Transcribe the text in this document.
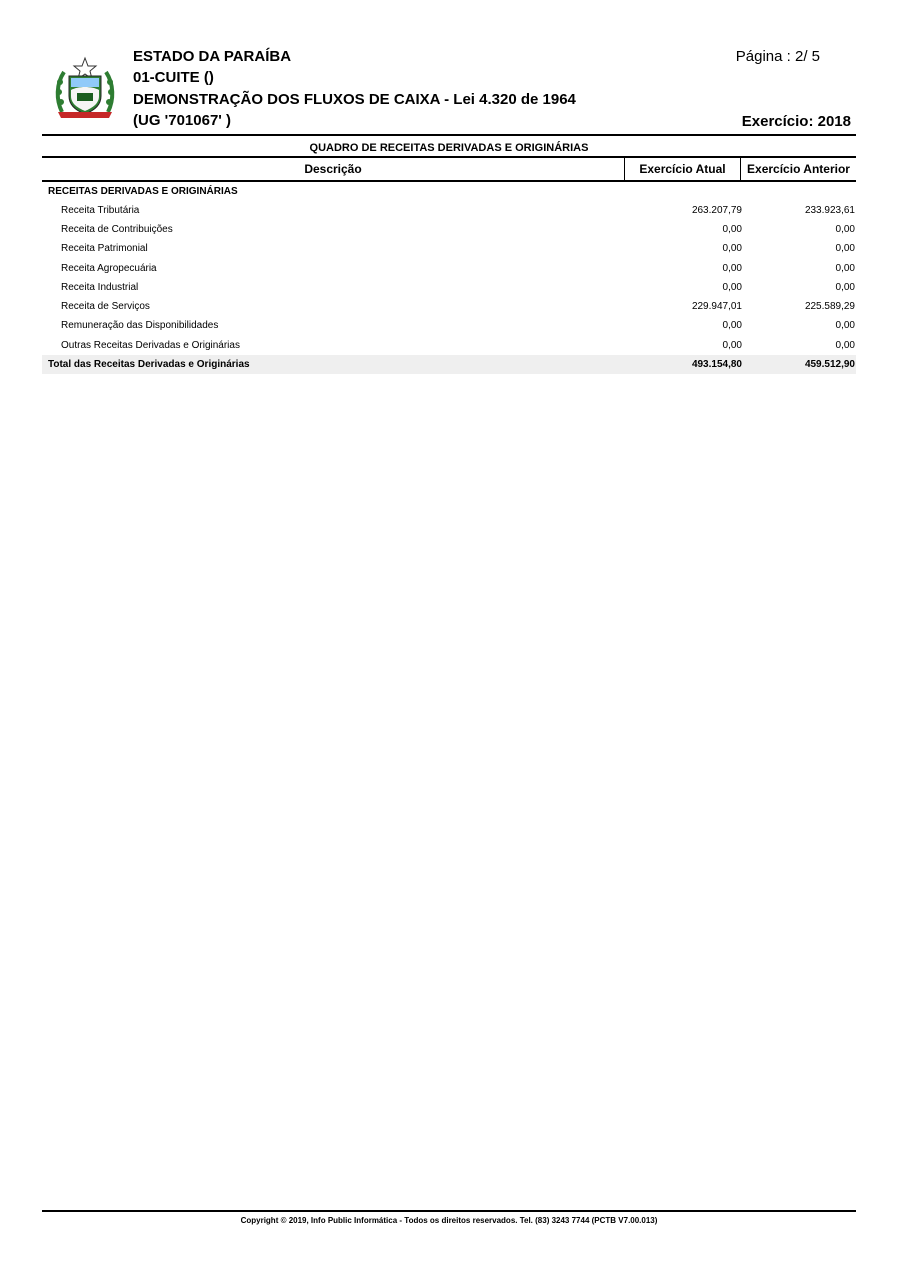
ESTADO DA PARAÍBA
01-CUITE ()
DEMONSTRAÇÃO DOS FLUXOS DE CAIXA - Lei 4.320 de 1964
(UG '701067' )
Página : 2/ 5
Exercício: 2018
QUADRO DE RECEITAS DERIVADAS E ORIGINÁRIAS
Descrição	Exercício Atual	Exercício Anterior
RECEITAS DERIVADAS E ORIGINÁRIAS
Receita Tributária	263.207,79	233.923,61
Receita de Contribuições	0,00	0,00
Receita Patrimonial	0,00	0,00
Receita Agropecuária	0,00	0,00
Receita Industrial	0,00	0,00
Receita de Serviços	229.947,01	225.589,29
Remuneração das Disponibilidades	0,00	0,00
Outras Receitas Derivadas e Originárias	0,00	0,00
Total das Receitas Derivadas e Originárias	493.154,80	459.512,90
Copyright © 2019, Info Public Informática - Todos os direitos reservados. Tel. (83) 3243 7744 (PCTB V7.00.013)
